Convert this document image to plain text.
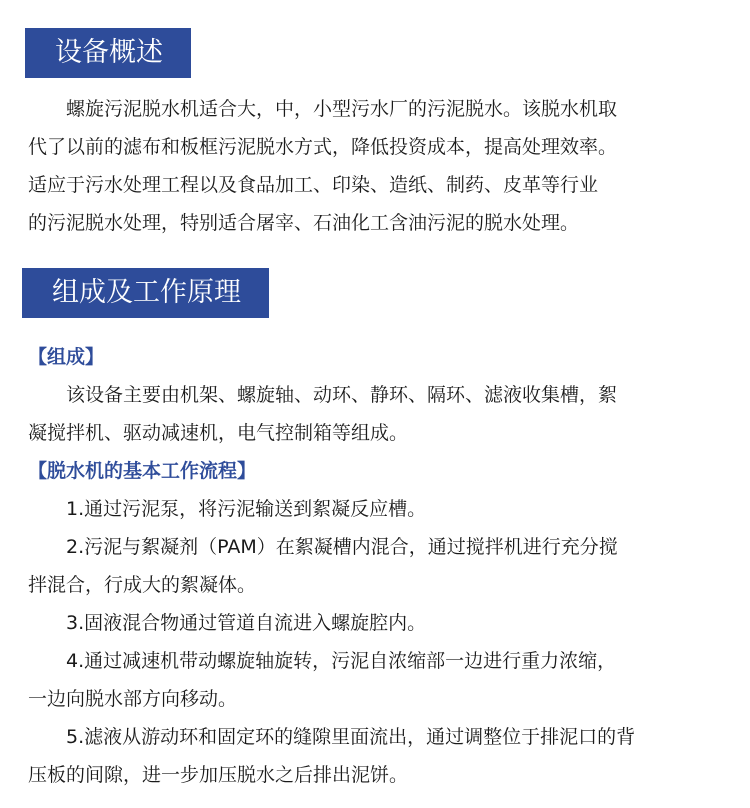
设备概述

螺旋污泥脱水机适合大，中，小型污水厂的污泥脱水。该脱水机取

代了以前的滤布和板框污泥脱水方式，降低投资成本，提高处理效率。

适应于污水处理工程以及食品加工、印染、造纸、制药、皮革等行业

的污泥脱水处理，特别适合屠宰、石油化工含油污泥的脱水处理。

组成及工作原理

【组成】

该设备主要由机架、螺旋轴、动环、静环、隔环、滤液收集槽，絮

凝搅拌机、驱动减速机，电气控制箱等组成。

【脱水机的基本工作流程】

1.通过污泥泵，将污泥输送到絮凝反应槽。

2.污泥与絮凝剂（PAM）在絮凝槽内混合，通过搅拌机进行充分搅

拌混合，行成大的絮凝体。

3.固液混合物通过管道自流进入螺旋腔内。

4.通过减速机带动螺旋轴旋转，污泥自浓缩部一边进行重力浓缩，

一边向脱水部方向移动。

5.滤液从游动环和固定环的缝隙里面流出，通过调整位于排泥口的背

压板的间隙，进一步加压脱水之后排出泥饼。
